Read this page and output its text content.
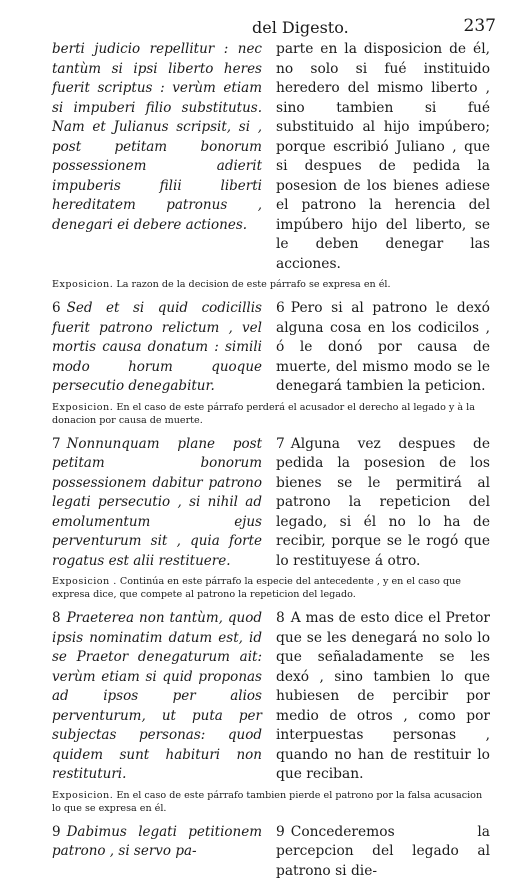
del Digesto.	237
berti judicio repellitur : nec tantùm si ipsi liberto heres fuerit scriptus : verùm etiam si impuberi filio substitutus. Nam et Julianus scripsit, si , post petitam bonorum possessionem adierit impuberis filii liberti hereditatem patronus , denegari ei debere actiones.
parte en la disposicion de él, no solo si fué instituido heredero del mismo liberto , sino tambien si fué substituido al hijo impúbero; porque escribió Juliano , que si despues de pedida la posesion de los bienes adiese el patrono la herencia del impúbero hijo del liberto, se le deben denegar las acciones.
Exposicion. La razon de la decision de este párrafo se expresa en él.
6 Sed et si quid codicillis fuerit patrono relictum , vel mortis causa donatum : simili modo horum quoque persecutio denegabitur.
6 Pero si al patrono le dexó alguna cosa en los codicilos , ó le donó por causa de muerte, del mismo modo se le denegará tambien la peticion.
Exposicion. En el caso de este párrafo perderá el acusador el derecho al legado y à la donacion por causa de muerte.
7 Nonnunquam plane post petitam bonorum possessionem dabitur patrono legati persecutio , si nihil ad emolumentum ejus perventurum sit , quia forte rogatus est alii restituere.
7 Alguna vez despues de pedida la posesion de los bienes se le permitirá al patrono la repeticion del legado, si él no lo ha de recibir, porque se le rogó que lo restituyese á otro.
Exposicion . Continúa en este párrafo la especie del antecedente , y en el caso que expresa dice, que compete al patrono la repeticion del legado.
8 Praeterea non tantùm, quod ipsis nominatim datum est, id se Praetor denegaturum ait: verùm etiam si quid proponas ad ipsos per alios perventurum, ut puta per subjectas personas: quod quidem sunt habituri non restituturi.
8 A mas de esto dice el Pretor que se les denegará no solo lo que señaladamente se les dexó , sino tambien lo que hubiesen de percibir por medio de otros , como por interpuestas personas , quando no han de restituir lo que reciban.
Exposicion. En el caso de este párrafo tambien pierde el patrono por la falsa acusacion lo que se expresa en él.
9 Dabimus legati petitionem patrono , si servo pa-
9 Concederemos la percepcion del legado al patrono si die-
